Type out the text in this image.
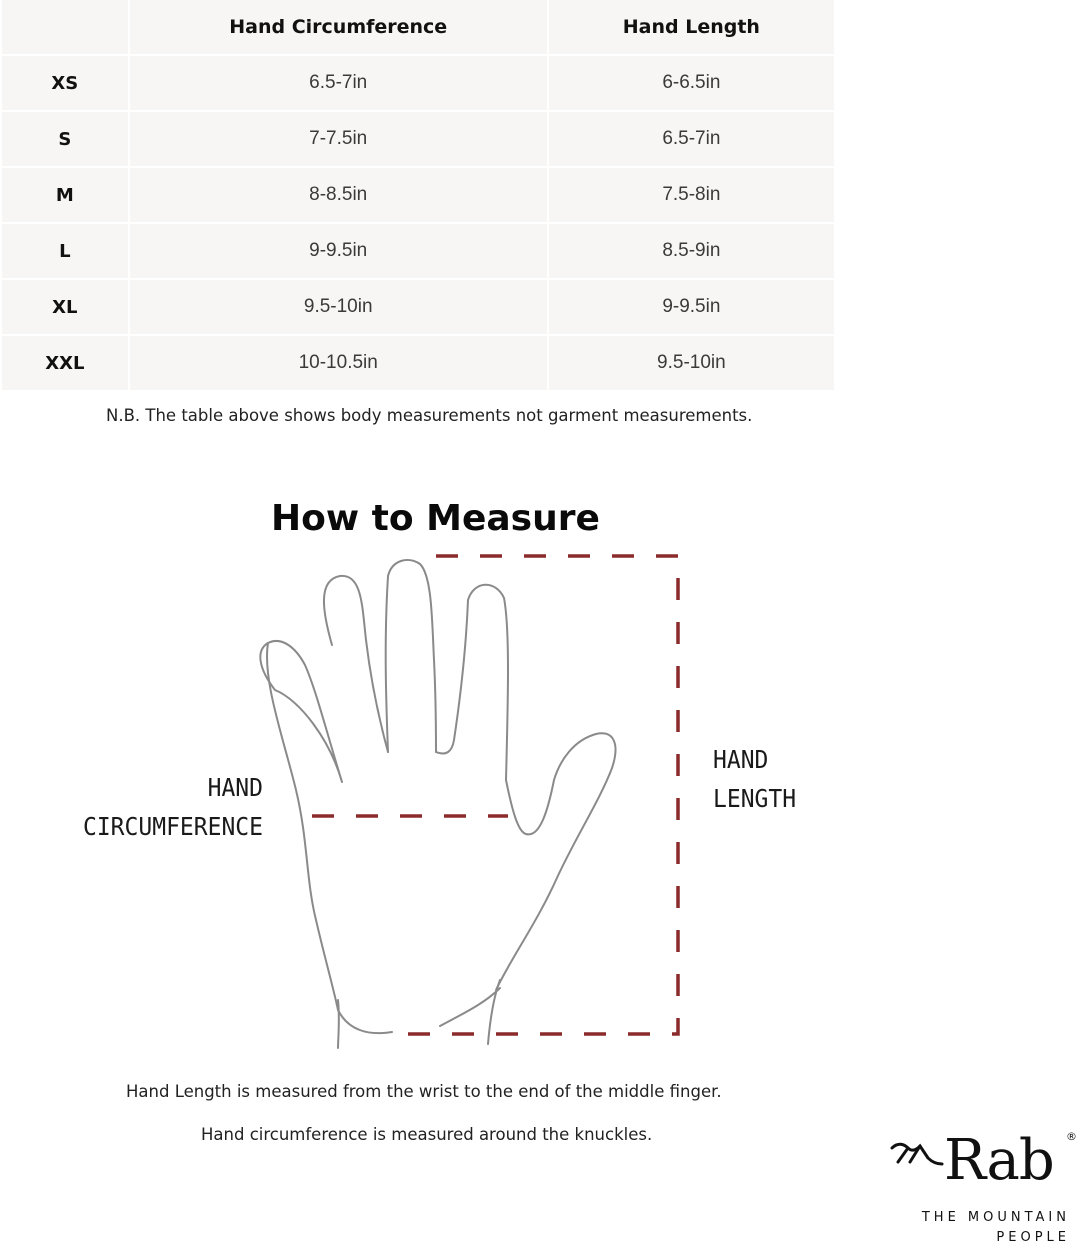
	Hand Circumference	Hand Length
XS	6.5-7in	6-6.5in
S	7-7.5in	6.5-7in
M	8-8.5in	7.5-8in
L	9-9.5in	8.5-9in
XL	9.5-10in	9-9.5in
XXL	10-10.5in	9.5-10in
N.B. The table above shows body measurements not garment measurements.
How to Measure
HAND
CIRCUMFERENCE
HAND
LENGTH
Hand Length is measured from the wrist to the end of the middle finger.
Hand circumference is measured around the knuckles.	Rab ®
THE MOUNTAIN
PEOPLE
